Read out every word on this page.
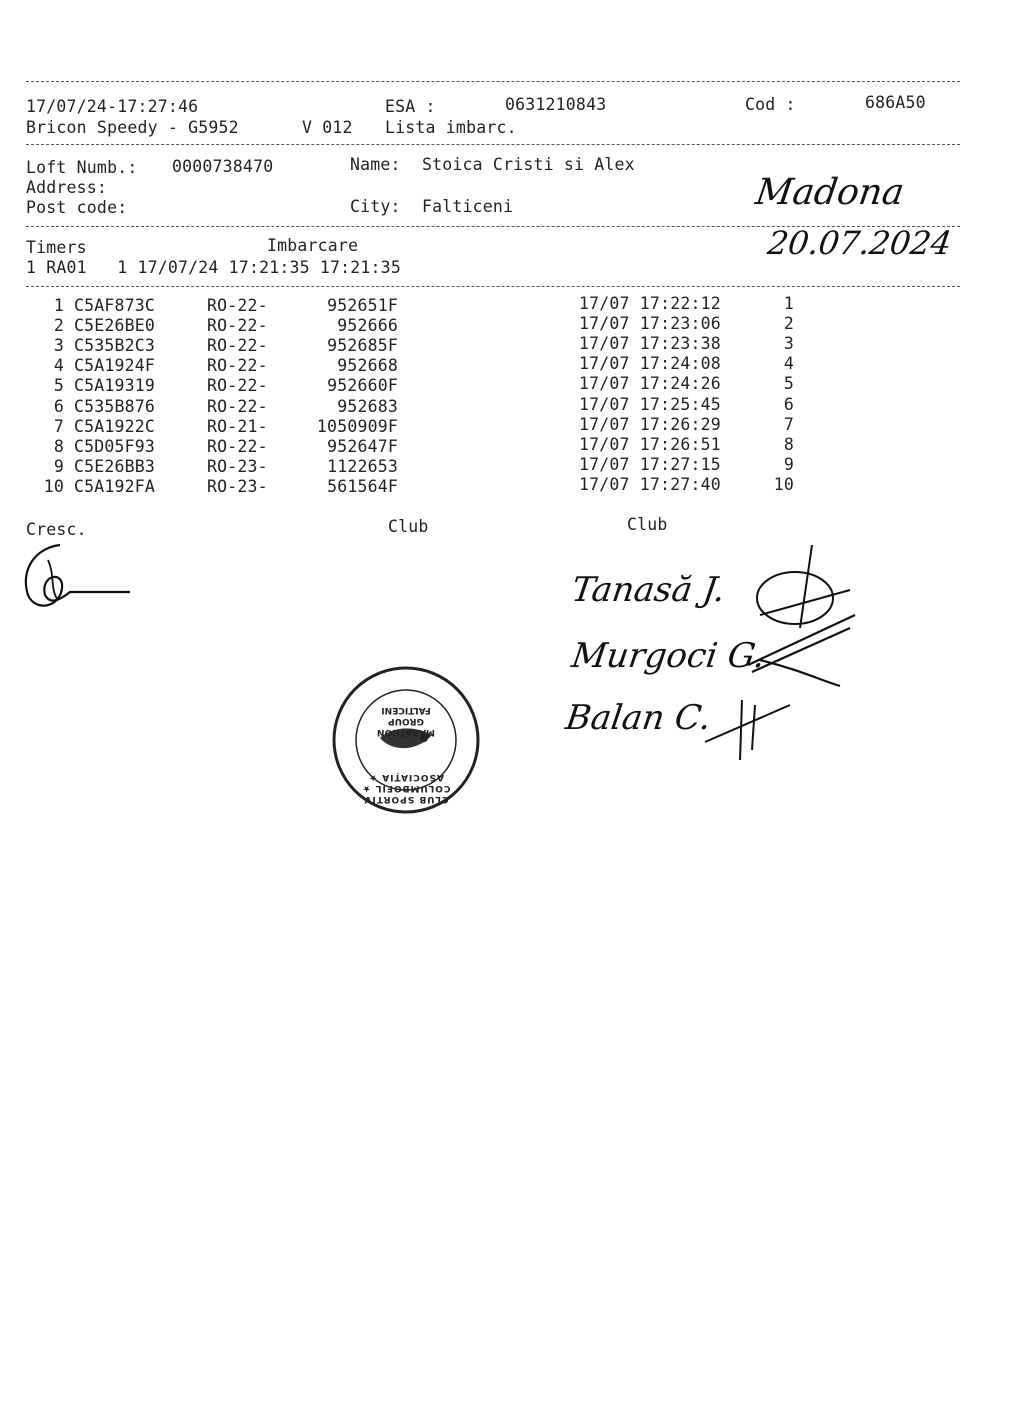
17/07/24-17:27:46	ESA :	0631210843	Cod :	686A50
Bricon Speedy - G5952	V 012 Lista imbarc.
Loft Numb.: 0000738470	Name: Stoica Cristi si Alex
Address:
Post code:	City: Falticeni	Madona
20.07.2024
Timers	Imbarcare
1 RA01   1 17/07/24 17:21:35 17:21:35
1 C5AF873C	RO-22-	952651F	17/07 17:22:12	1
2 C5E26BE0	RO-22-	952666	17/07 17:23:06	2
3 C535B2C3	RO-22-	952685F	17/07 17:23:38	3
4 C5A1924F	RO-22-	952668	17/07 17:24:08	4
5 C5A19319	RO-22-	952660F	17/07 17:24:26	5
6 C535B876	RO-22-	952683	17/07 17:25:45	6
7 C5A1922C	RO-21-	1050909F	17/07 17:26:29	7
8 C5D05F93	RO-22-	952647F	17/07 17:26:51	8
9 C5E26BB3	RO-23-	1122653	17/07 17:27:15	9
10 C5A192FA	RO-23-	561564F	17/07 17:27:40	10
Cresc.	Club	Club
Tanasă J.
Murgoci G.
Balan C.
CLUB SPORTIV COLUMBOFIL ★ ASOCIAȚIA ★
MARATHON GROUP FALTICENI
